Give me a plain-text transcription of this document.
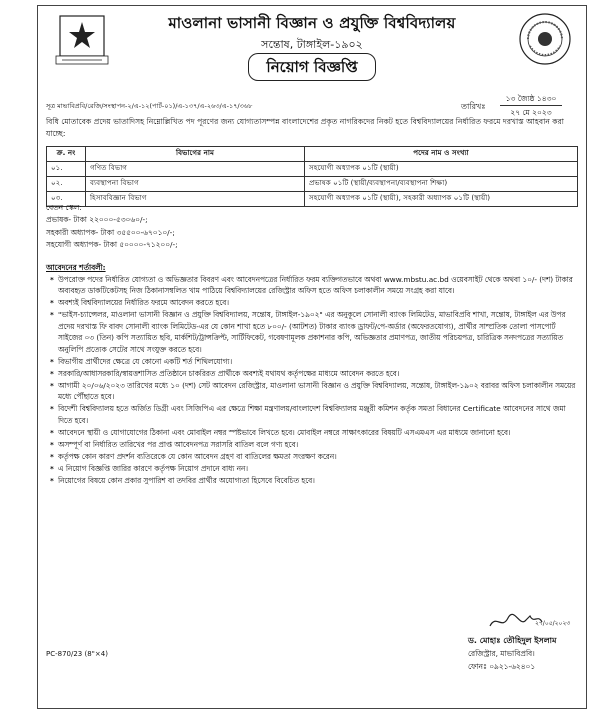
মাওলানা ভাসানী বিজ্ঞান ও প্রযুক্তি বিশ্ববিদ্যালয়
সন্তোষ, টাঙ্গাইল-১৯০২
নিয়োগ বিজ্ঞপ্তি
সূত্র মাভাবিপ্রবি/রেজি/সংস্থাপন-২/এ-১২(পার্ট-০১)/এ-১৩৭/এ-২৬৩/এ-১৭/৩৬৮	তারিখঃ
১৩ জ্যৈষ্ঠ ১৪৩০
২৭ মে ২০২৩
বিধি মোতাবেক প্রদেয় ভাতাদিসহ নিম্নোল্লিখিত পদ পূরণের জন্য যোগ্যতাসম্পন্ন বাংলাদেশের প্রকৃত নাগরিকদের নিকট হতে বিশ্ববিদ্যালয়ের নির্ধারিত ফরমে দরখাস্ত আহবান করা যাচ্ছে:
ক্র. নং	বিভাগের নাম	পদের নাম ও সংখ্যা
০১.	গণিত বিভাগ	সহযোগী অধ্যাপক ০১টি (স্থায়ী)
০২.	ব্যবস্থাপনা বিভাগ	প্রভাষক ০১টি (স্থায়ী/ব্যবস্থাপনা/ব্যবস্থাপনা শিক্ষা)
০৩.	হিসাববিজ্ঞান বিভাগ	সহযোগী অধ্যাপক ০১টি (স্থায়ী), সহকারী অধ্যাপক ০১টি (স্থায়ী)
বেতন স্কেল:
প্রভাষক- টাকা ২২০০০-৫৩০৬০/-;
সহকারী অধ্যাপক- টাকা ৩৫৫০০-৬৭০১০/-;
সহযোগী অধ্যাপক- টাকা ৫০০০০-৭১২০০/-;
আবেদনের শর্তাবলী:
* উপরোক্ত পদের নির্ধারিত যোগ্যতা ও অভিজ্ঞতার বিবরণ এবং আবেদনপত্রের নির্ধারিত ফরম ব্যক্তিগতভাবে অথবা www.mbstu.ac.bd ওয়েবসাইট থেকে অথবা ১০/- (দশ) টাকার অব্যবহৃত ডাকটিকেটসহ নিজ ঠিকানাসম্বলিত খাম পাঠিয়ে বিশ্ববিদ্যালয়ের রেজিস্ট্রার অফিস হতে অফিস চলাকালীন সময়ে সংগ্রহ করা যাবে।
* অবশ্যই বিশ্ববিদ্যালয়ের নির্ধারিত ফরমে আবেদন করতে হবে।
* "ভাইস-চ্যান্সেলর, মাওলানা ভাসানী বিজ্ঞান ও প্রযুক্তি বিশ্ববিদ্যালয়, সন্তোষ, টাঙ্গাইল-১৯০২" এর অনুকূলে সোনালী ব্যাংক লিমিটেড, মাভাবিপ্রবি শাখা, সন্তোষ, টাঙ্গাইল এর উপর প্রদেয় দরখাস্ত ফি বাবদ সোনালী ব্যাংক লিমিটেড-এর যে কোন শাখা হতে ৮০০/- (আটশত) টাকার ব্যাংক ড্রাফট/পে-অর্ডার (অফেরতযোগ্য), প্রার্থীর সাম্প্রতিক তোলা পাসপোর্ট সাইজের ০৩ (তিন) কপি সত্যায়িত ছবি, মার্কশিট/ট্রান্সক্রিপ্ট, সার্টিফিকেট, গবেষণামূলক প্রকাশনার কপি, অভিজ্ঞতার প্রমাণপত্র, জাতীয় পরিচয়পত্র, চারিত্রিক সনদপত্রের সত্যায়িত অনুলিপি প্রত্যেক সেটের সাথে সংযুক্ত করতে হবে।
* বিভাগীয় প্রার্থীদের ক্ষেত্রে যে কোনো একটি শর্ত শিথিলযোগ্য।
* সরকারি/আধাসরকারি/স্বায়ত্তশাসিত প্রতিষ্ঠানে চাকরিরত প্রার্থীকে অবশ্যই যথাযথ কর্তৃপক্ষের মাধ্যমে আবেদন করতে হবে।
* আগামী ২০/০৬/২০২৩ তারিখের মধ্যে ১০ (দশ) সেট আবেদন রেজিস্ট্রার, মাওলানা ভাসানী বিজ্ঞান ও প্রযুক্তি বিশ্ববিদ্যালয়, সন্তোষ, টাঙ্গাইল-১৯০২ বরাবর অফিস চলাকালীন সময়ের মধ্যে পৌঁছাতে হবে।
* বিদেশী বিশ্ববিদ্যালয় হতে অর্জিত ডিগ্রী এবং সিজিপিএ এর ক্ষেত্রে শিক্ষা মন্ত্রণালয়/বাংলাদেশ বিশ্ববিদ্যালয় মঞ্জুরী কমিশন কর্তৃক সমতা বিধানের Certificate আবেদনের সাথে জমা দিতে হবে।
* আবেদনে স্থায়ী ও যোগাযোগের ঠিকানা এবং মোবাইল নম্বর স্পষ্টভাবে লিখতে হবে। মোবাইল নম্বরে সাক্ষাৎকারের বিষয়টি এসএমএস এর মাধ্যমে জানানো হবে।
* অসম্পূর্ণ বা নির্ধারিত তারিখের পর প্রাপ্ত আবেদনপত্র সরাসরি বাতিল বলে গণ্য হবে।
* কর্তৃপক্ষ কোন কারণ প্রদর্শন ব্যতিরেকে যে কোন আবেদন গ্রহণ বা বাতিলের ক্ষমতা সংরক্ষণ করেন।
* এ নিয়োগ বিজ্ঞপ্তি জারির কারণে কর্তৃপক্ষ নিয়োগ প্রদানে বাধ্য নন।
* নিয়োগের বিষয়ে কোন প্রকার সুপারিশ বা তদবির প্রার্থীর অযোগ্যতা হিসেবে বিবেচিত হবে।
২৭/০৫/২০২৩
ড. মোহাঃ তৌহিদুল ইসলাম
রেজিস্ট্রার, মাভাবিপ্রবি।
ফোনঃ ০৯২১-৬২৪০১
PC-870/23 (8"×4)
